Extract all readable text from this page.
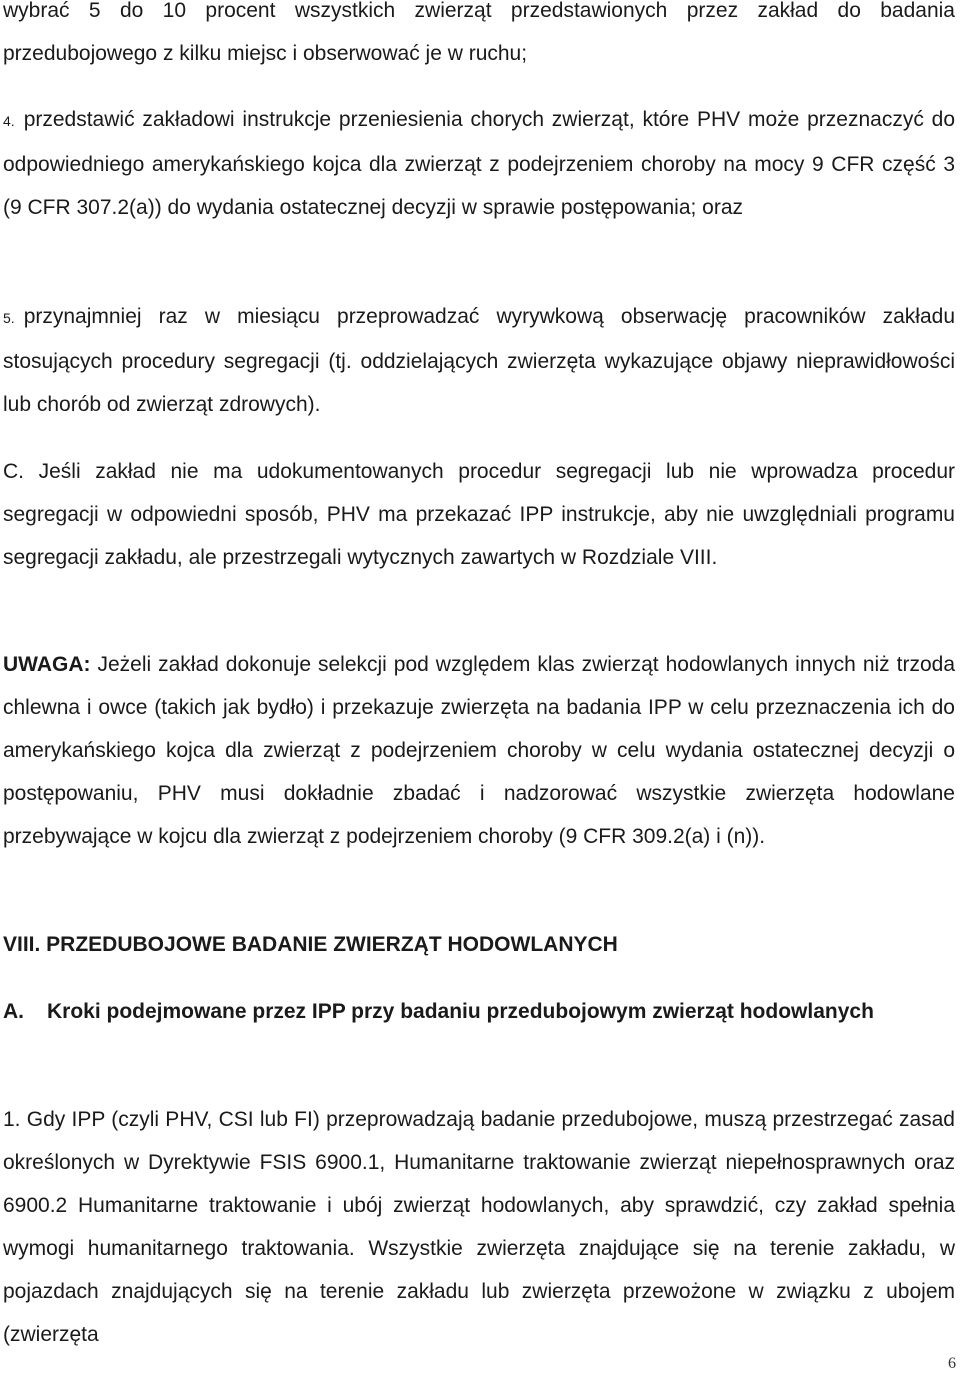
wybrać 5 do 10 procent wszystkich zwierząt przedstawionych przez zakład do badania przedubojowego z kilku miejsc i obserwować je w ruchu;

4. przedstawić zakładowi instrukcje przeniesienia chorych zwierząt, które PHV może przeznaczyć do odpowiedniego amerykańskiego kojca dla zwierząt z podejrzeniem choroby na mocy 9 CFR część 3 (9 CFR 307.2(a)) do wydania ostatecznej decyzji w sprawie postępowania; oraz

5. przynajmniej raz w miesiącu przeprowadzać wyrywkową obserwację pracowników zakładu stosujących procedury segregacji (tj. oddzielających zwierzęta wykazujące objawy nieprawidłowości lub chorób od zwierząt zdrowych).

C. Jeśli zakład nie ma udokumentowanych procedur segregacji lub nie wprowadza procedur segregacji w odpowiedni sposób, PHV ma przekazać IPP instrukcje, aby nie uwzględniali programu segregacji zakładu, ale przestrzegali wytycznych zawartych w Rozdziale VIII.

UWAGA: Jeżeli zakład dokonuje selekcji pod względem klas zwierząt hodowlanych innych niż trzoda chlewna i owce (takich jak bydło) i przekazuje zwierzęta na badania IPP w celu przeznaczenia ich do amerykańskiego kojca dla zwierząt z podejrzeniem choroby w celu wydania ostatecznej decyzji o postępowaniu, PHV musi dokładnie zbadać i nadzorować wszystkie zwierzęta hodowlane przebywające w kojcu dla zwierząt z podejrzeniem choroby (9 CFR 309.2(a) i (n)).

VIII. PRZEDUBOJOWE BADANIE ZWIERZĄT HODOWLANYCH
A.	Kroki podejmowane przez IPP przy badaniu przedubojowym zwierząt hodowlanych

1. Gdy IPP (czyli PHV, CSI lub FI) przeprowadzają badanie przedubojowe, muszą przestrzegać zasad określonych w Dyrektywie FSIS 6900.1, Humanitarne traktowanie zwierząt niepełnosprawnych oraz 6900.2 Humanitarne traktowanie i ubój zwierząt hodowlanych, aby sprawdzić, czy zakład spełnia wymogi humanitarnego traktowania. Wszystkie zwierzęta znajdujące się na terenie zakładu, w pojazdach znajdujących się na terenie zakładu lub zwierzęta przewożone w związku z ubojem (zwierzęta

6
